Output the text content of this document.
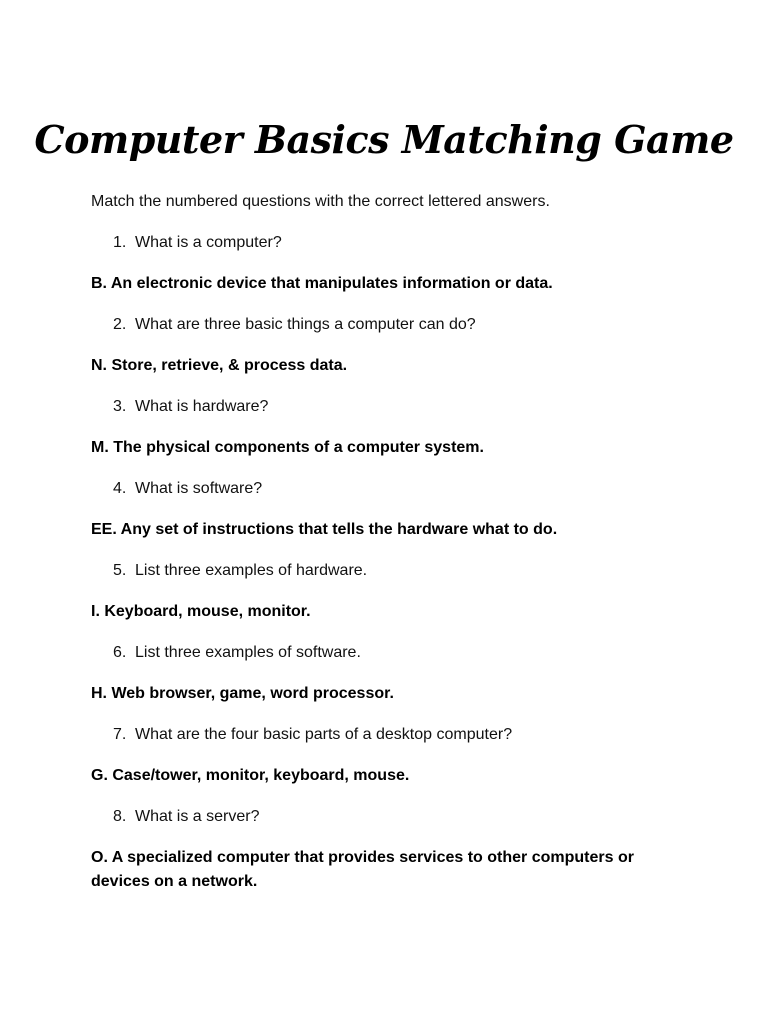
Computer Basics Matching Game

Match the numbered questions with the correct lettered answers.

1. What is a computer?

B. An electronic device that manipulates information or data.

2. What are three basic things a computer can do?

N. Store, retrieve, & process data.

3. What is hardware?

M. The physical components of a computer system.

4. What is software?

EE. Any set of instructions that tells the hardware what to do.

5. List three examples of hardware.

I. Keyboard, mouse, monitor.

6. List three examples of software.

H. Web browser, game, word processor.

7. What are the four basic parts of a desktop computer?

G. Case/tower, monitor, keyboard, mouse.

8. What is a server?

O. A specialized computer that provides services to other computers or devices on a network.
